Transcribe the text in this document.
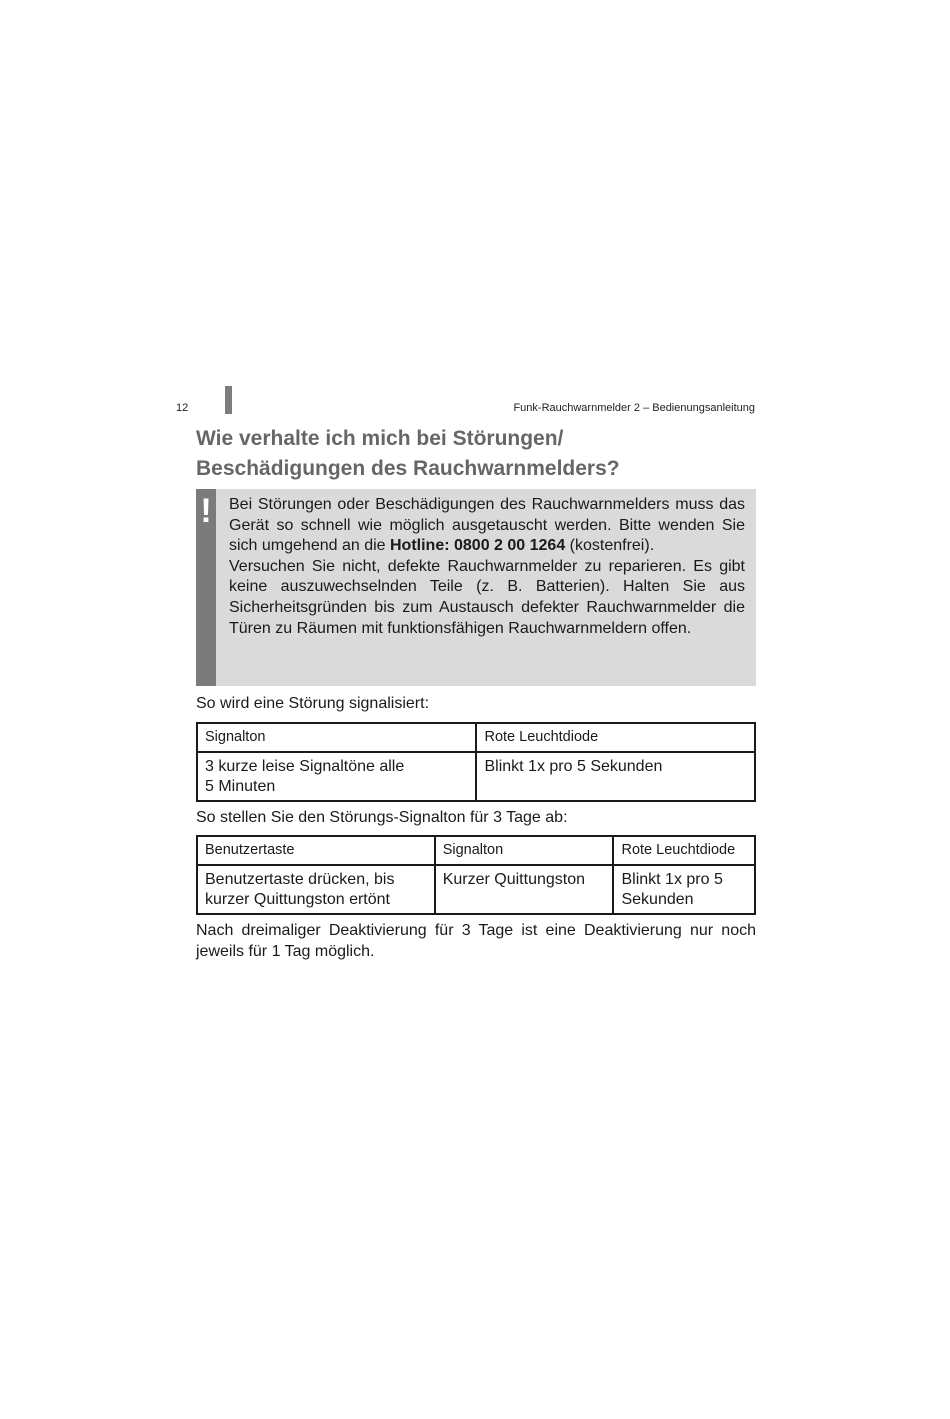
12	Funk-Rauchwarnmelder 2 – Bedienungsanleitung
Wie verhalte ich mich bei Störungen/
Beschädigungen des Rauchwarnmelders?
! Bei Störungen oder Beschädigungen des Rauchwarnmelders muss das Gerät so schnell wie möglich ausgetauscht werden. Bitte wenden Sie sich umgehend an die Hotline: 0800 2 00 1264 (kostenfrei).

Versuchen Sie nicht, defekte Rauchwarnmelder zu reparieren. Es gibt keine auszuwechselnden Teile (z. B. Batterien). Halten Sie aus Sicherheitsgründen bis zum Austausch defekter Rauchwarnmelder die Türen zu Räumen mit funktionsfähigen Rauchwarnmeldern offen.

So wird eine Störung signalisiert:
Signalton	Rote Leuchtdiode

3 kurze leise Signaltöne alle 5 Minuten	Blinkt 1x pro 5 Sekunden
So stellen Sie den Störungs-Signalton für 3 Tage ab:
Benutzertaste	Signalton	Rote Leuchtdiode
Benutzertaste drücken, bis kurzer Quittungston ertönt	Kurzer Quittungston	Blinkt 1x pro 5 Sekunden

Nach dreimaliger Deaktivierung für 3 Tage ist eine Deaktivierung nur noch jeweils für 1 Tag möglich.
